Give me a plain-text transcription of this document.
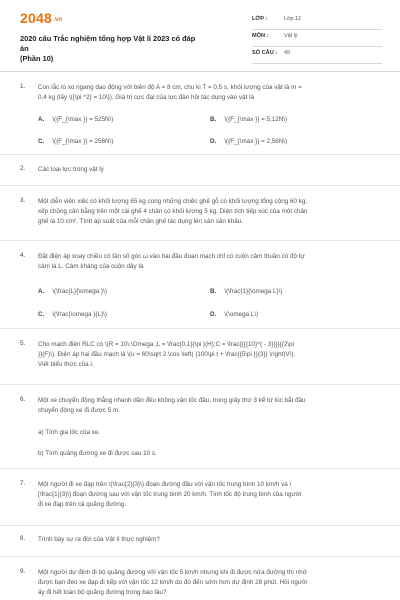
2048.vn
2020 câu Trắc nghiệm tổng hợp Vật lí 2023 có đáp án
(Phần 10)
LỚP :	Lớp 12
MÔN :	Vật lý
SỐ CÂU : 49
1. Con lắc lò xo ngang dao động với biên độ A = 8 cm, chu kì T = 0,5 s, khối lượng của vật là m =
0,4 kg (lấy \({\pi ^2} = 10\)). Giá trị cực đại của lực đàn hồi tác dụng vào vật là
A. \({F_{\max }} = 525N\)	B. \({F_{\max }} = 5,12N\)
C. \({F_{\max }} = 256N\)	D. \({F_{\max }} = 2,56N\)
2. Các loại lực trong vật lý
3. Một diễn viên xiếc có khối lượng 65 kg cùng những chiếc ghế gỗ có khối lượng tổng cộng 60 kg,
xếp chồng cân bằng trên một cái ghế 4 chân có khối lượng 5 kg. Diện tích tiếp xúc của một chân
ghế là 10 cm². Tính áp suất của mỗi chân ghế tác dụng lên sàn sân khấu.
4. Đặt điện áp xoay chiều có tần số góc ω vào hai đầu đoạn mạch chỉ có cuộn cảm thuần có độ tự
cảm là L. Cảm kháng của cuộn dây là
A. \(\frac{L}{\omega }\)	B. \(\frac{1}{\omega L}\)
C. \(\frac{\omega }{L}\)	D. \(\omega L\)
5. Cho mạch điện RLC có \(R = 10\,\Omega ;L = \frac{0,1}{\pi }(H);C = \frac{{{{10}^{ - 3}}}}{{2\pi
}}(F)\). Điện áp hai đầu mạch là \(u = 60\sqrt 2 \cos \left( {100\pi t + \frac{{5\pi }}{3}} \right)V\).
Viết biểu thức của i.
6. Một xe chuyển động thẳng nhanh dần đều không vận tốc đầu, trong giây thứ 3 kể từ lúc bắt đầu
chuyển động xe đi được 5 m.
a) Tính gia tốc của xe.
b) Tính quãng đường xe đi được sau 10 s.
7. Một người đi xe đạp trên \(\frac{2}{3}\) đoạn đường đầu với vận tốc trung bình 10 km/h và \
[\frac{1}{3}\] đoạn đường sau với vận tốc trung bình 20 km/h. Tính tốc độ trung bình của người
đi xe đạp trên cả quãng đường.
8. Trình bày sự ra đời của Vật lí thực nghiệm?
9. Một người dự định đi bộ quãng đường với vận tốc 5 km/h nhưng khi đi được nửa đường thì nhờ
được bạn đèo xe đạp đi tiếp với vận tốc 12 km/h do đó đến sớm hơn dự định 28 phút. Hỏi người
ấy đi hết toàn bộ quãng đường trong bao lâu?
